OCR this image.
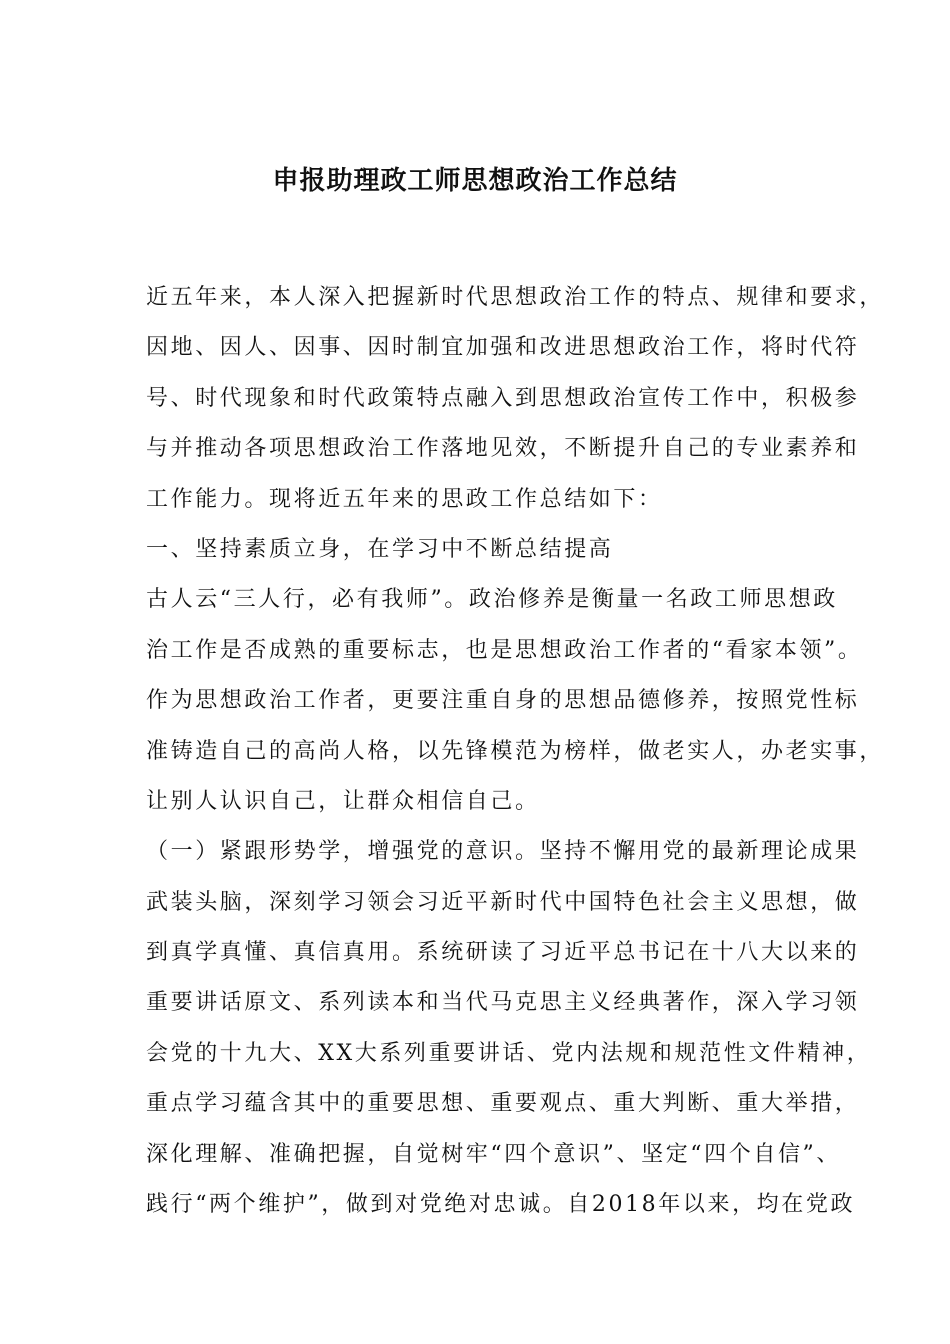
申报助理政工师思想政治工作总结
近五年来，本人深入把握新时代思想政治工作的特点、规律和要求，
因地、因人、因事、因时制宜加强和改进思想政治工作，将时代符
号、时代现象和时代政策特点融入到思想政治宣传工作中，积极参
与并推动各项思想政治工作落地见效，不断提升自己的专业素养和
工作能力。现将近五年来的思政工作总结如下：
一、坚持素质立身，在学习中不断总结提高
古人云“三人行，必有我师”。政治修养是衡量一名政工师思想政
治工作是否成熟的重要标志，也是思想政治工作者的“看家本领”。
作为思想政治工作者，更要注重自身的思想品德修养，按照党性标
准铸造自己的高尚人格，以先锋模范为榜样，做老实人，办老实事，
让别人认识自己，让群众相信自己。
（一）紧跟形势学，增强党的意识。坚持不懈用党的最新理论成果
武装头脑，深刻学习领会习近平新时代中国特色社会主义思想，做
到真学真懂、真信真用。系统研读了习近平总书记在十八大以来的
重要讲话原文、系列读本和当代马克思主义经典著作，深入学习领
会党的十九大、XX大系列重要讲话、党内法规和规范性文件精神，
重点学习蕴含其中的重要思想、重要观点、重大判断、重大举措，
深化理解、准确把握，自觉树牢“四个意识”、坚定“四个自信”、
践行“两个维护”，做到对党绝对忠诚。自2018年以来，均在党政
